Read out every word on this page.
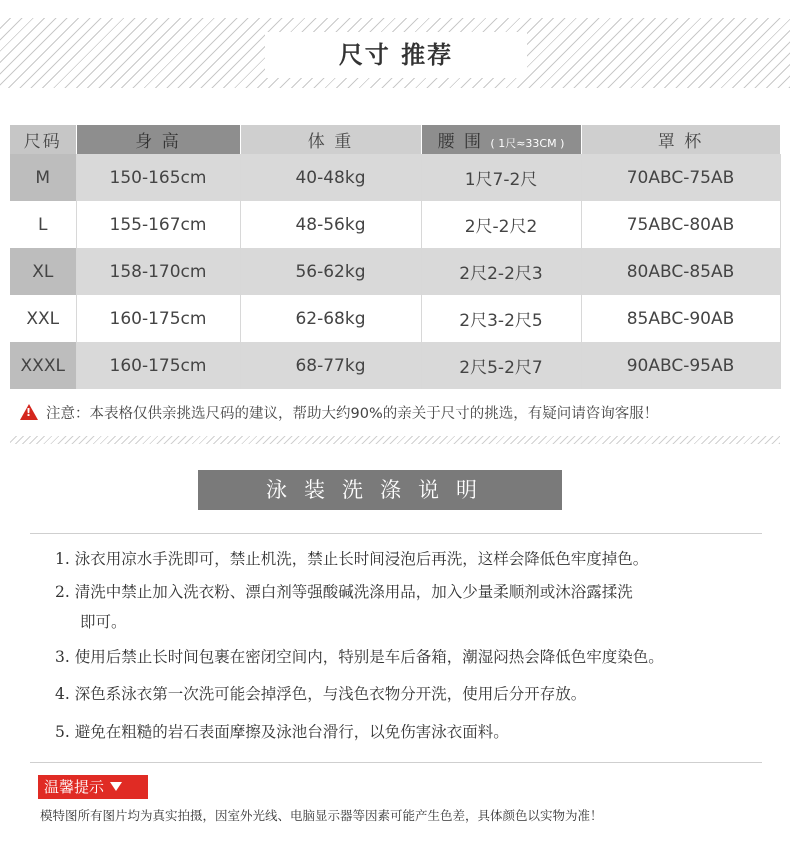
尺寸 推荐
尺码	身 高	体 重	腰 围 ( 1尺≈33CM )	罩 杯
M	150-165cm	40-48kg	1尺7-2尺	70ABC-75AB
L	155-167cm	48-56kg	2尺-2尺2	75ABC-80AB
XL	158-170cm	56-62kg	2尺2-2尺3	80ABC-85AB
XXL	160-175cm	62-68kg	2尺3-2尺5	85ABC-90AB
XXXL	160-175cm	68-77kg	2尺5-2尺7	90ABC-95AB
!注意：本表格仅供亲挑选尺码的建议，帮助大约90%的亲关于尺寸的挑选，有疑问请咨询客服！
泳装洗涤说明
1. 泳衣用凉水手洗即可，禁止机洗，禁止长时间浸泡后再洗，这样会降低色牢度掉色。
2. 清洗中禁止加入洗衣粉、漂白剂等强酸碱洗涤用品，加入少量柔顺剂或沐浴露揉洗
即可。
3. 使用后禁止长时间包裹在密闭空间内，特别是车后备箱，潮湿闷热会降低色牢度染色。
4. 深色系泳衣第一次洗可能会掉浮色，与浅色衣物分开洗，使用后分开存放。
5. 避免在粗糙的岩石表面摩擦及泳池台滑行，以免伤害泳衣面料。
温馨提示
模特图所有图片均为真实拍摄，因室外光线、电脑显示器等因素可能产生色差，具体颜色以实物为准！
